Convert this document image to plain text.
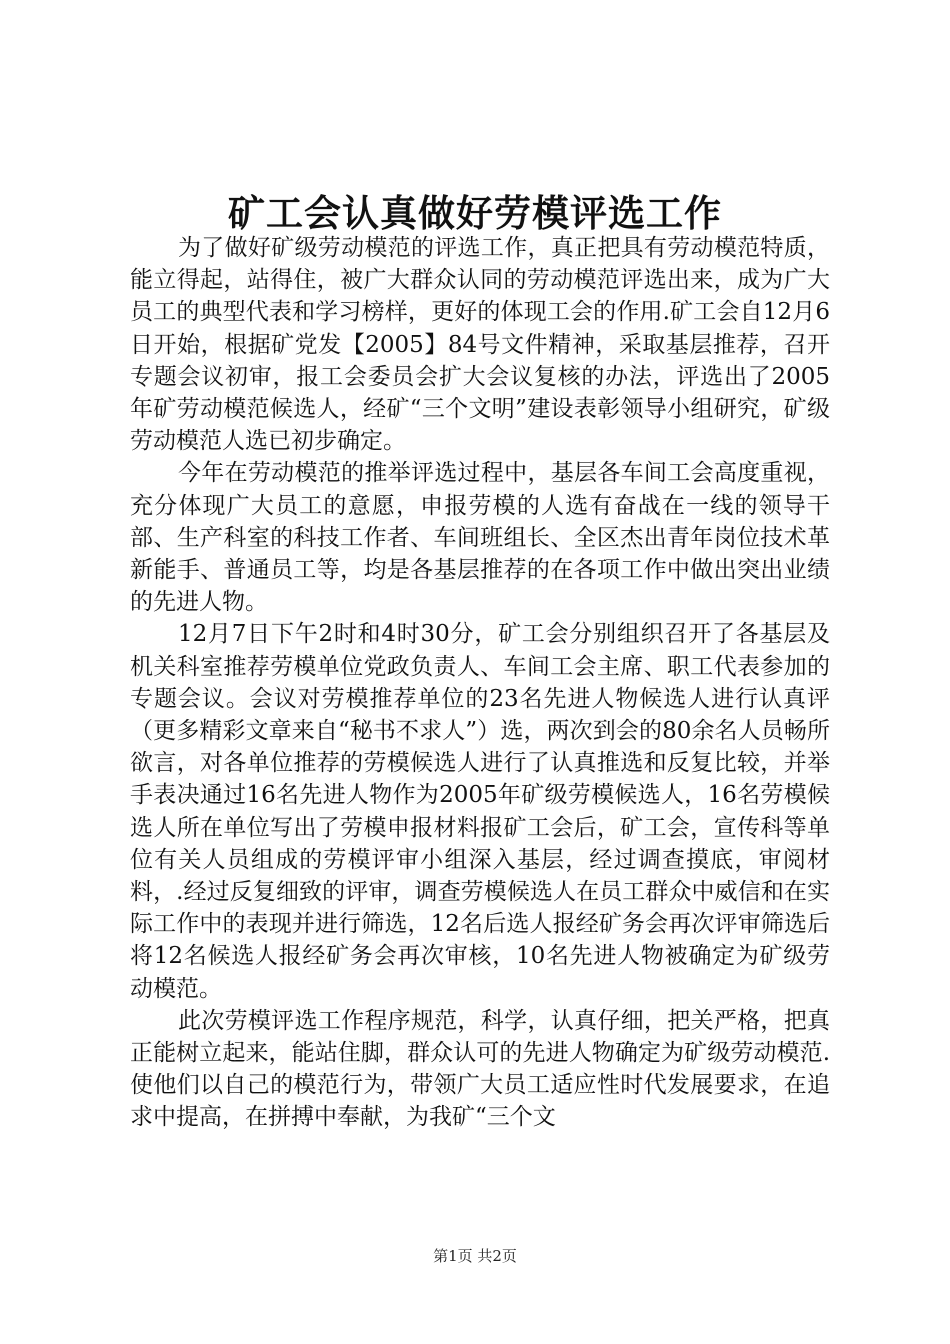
矿工会认真做好劳模评选工作

为了做好矿级劳动模范的评选工作，真正把具有劳动模范特质，能立得起，站得住，被广大群众认同的劳动模范评选出来，成为广大员工的典型代表和学习榜样，更好的体现工会的作用.矿工会自12月6日开始，根据矿党发【2005】84号文件精神，采取基层推荐，召开专题会议初审，报工会委员会扩大会议复核的办法，评选出了2005年矿劳动模范候选人，经矿“三个文明”建设表彰领导小组研究，矿级劳动模范人选已初步确定。

今年在劳动模范的推举评选过程中，基层各车间工会高度重视，充分体现广大员工的意愿，申报劳模的人选有奋战在一线的领导干部、生产科室的科技工作者、车间班组长、全区杰出青年岗位技术革新能手、普通员工等，均是各基层推荐的在各项工作中做出突出业绩的先进人物。

12月7日下午2时和4时30分，矿工会分别组织召开了各基层及机关科室推荐劳模单位党政负责人、车间工会主席、职工代表参加的专题会议。会议对劳模推荐单位的23名先进人物候选人进行认真评（更多精彩文章来自“秘书不求人”）选，两次到会的80余名人员畅所欲言，对各单位推荐的劳模候选人进行了认真推选和反复比较，并举手表决通过16名先进人物作为2005年矿级劳模候选人，16名劳模候选人所在单位写出了劳模申报材料报矿工会后，矿工会，宣传科等单位有关人员组成的劳模评审小组深入基层，经过调查摸底，审阅材料，.经过反复细致的评审，调查劳模候选人在员工群众中威信和在实际工作中的表现并进行筛选，12名后选人报经矿务会再次评审筛选后将12名候选人报经矿务会再次审核，10名先进人物被确定为矿级劳动模范。

此次劳模评选工作程序规范，科学，认真仔细，把关严格，把真正能树立起来，能站住脚，群众认可的先进人物确定为矿级劳动模范.使他们以自己的模范行为，带领广大员工适应性时代发展要求，在追求中提高，在拼搏中奉献，为我矿“三个文

第1页 共2页
